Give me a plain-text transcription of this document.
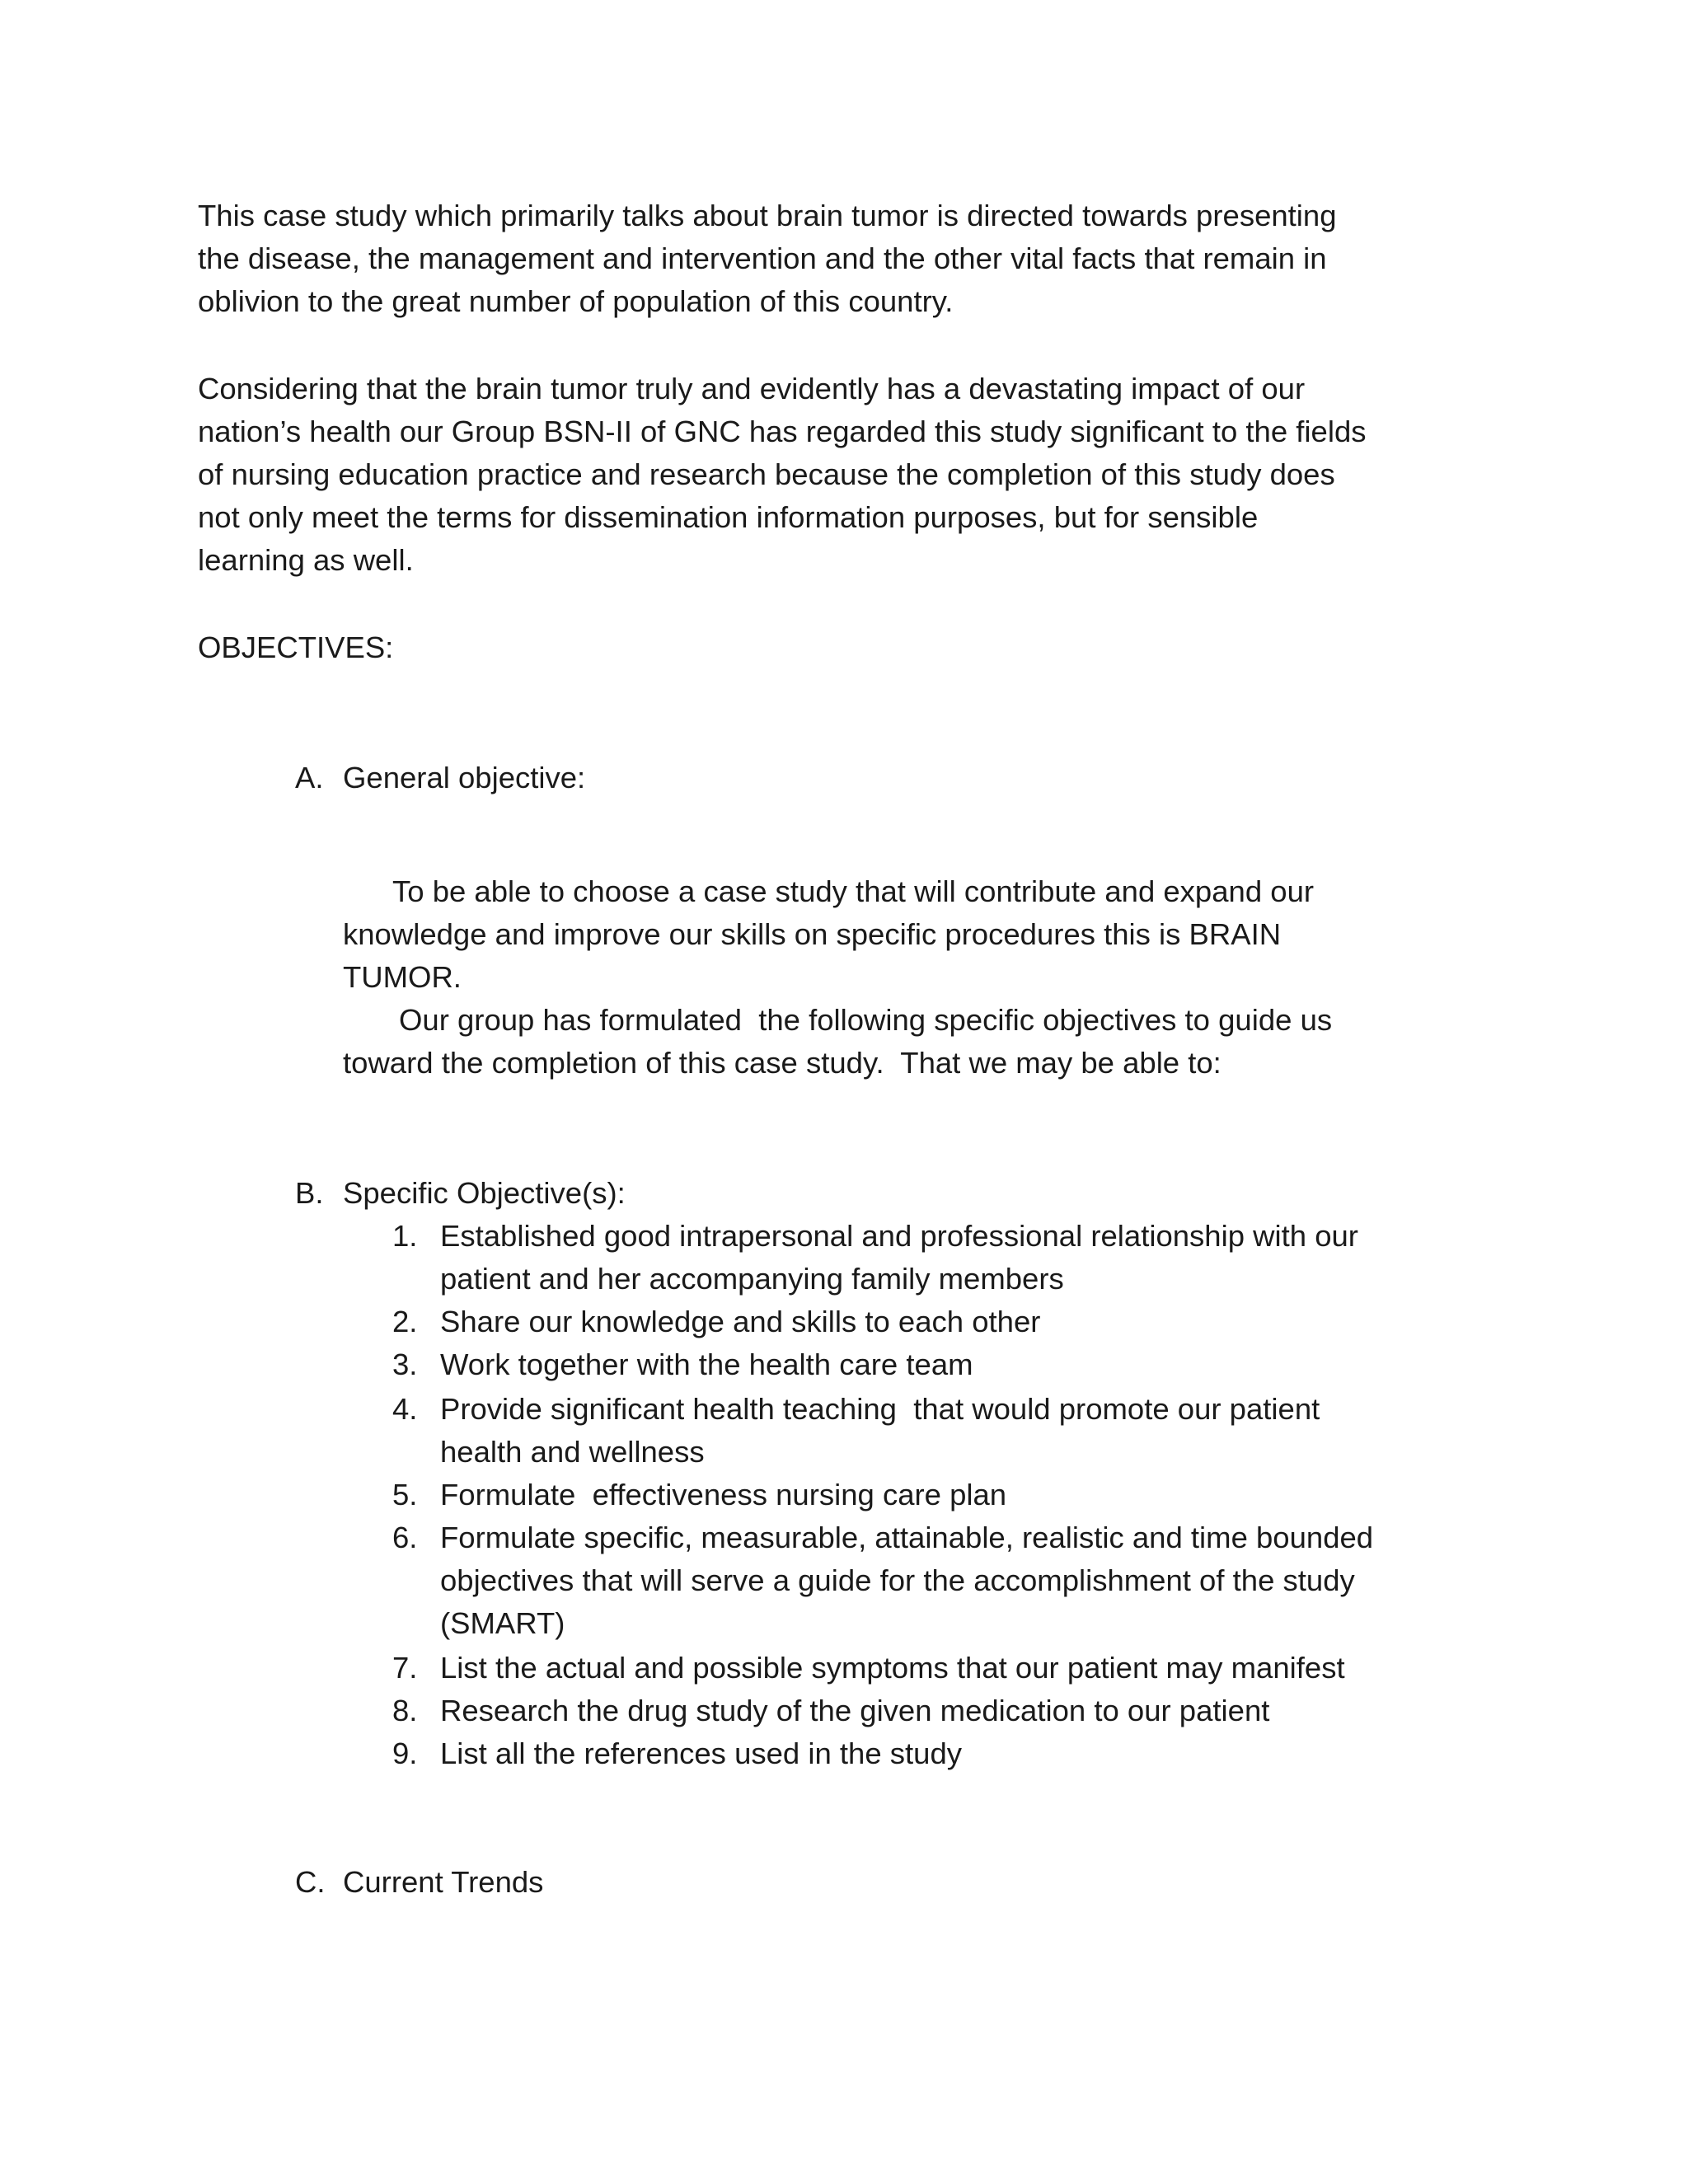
This case study which primarily talks about brain tumor is directed towards presenting

the disease, the management and intervention and the other vital facts that remain in

oblivion to the great number of population of this country.

Considering that the brain tumor truly and evidently has a devastating impact of our

nation’s health our Group BSN-II of GNC has regarded this study significant to the fields

of nursing education practice and research because the completion of this study does

not only meet the terms for dissemination information purposes, but for sensible

learning as well.

OBJECTIVES:

A. General objective:

To be able to choose a case study that will contribute and expand our

knowledge and improve our skills on specific procedures this is BRAIN

TUMOR.

Our group has formulated  the following specific objectives to guide us

toward the completion of this case study.  That we may be able to:

B. Specific Objective(s):

1. Established good intrapersonal and professional relationship with our

patient and her accompanying family members

2. Share our knowledge and skills to each other

3. Work together with the health care team

4. Provide significant health teaching  that would promote our patient

health and wellness

5. Formulate  effectiveness nursing care plan

6. Formulate specific, measurable, attainable, realistic and time bounded

objectives that will serve a guide for the accomplishment of the study

(SMART)

7. List the actual and possible symptoms that our patient may manifest

8. Research the drug study of the given medication to our patient

9. List all the references used in the study

C. Current Trends
